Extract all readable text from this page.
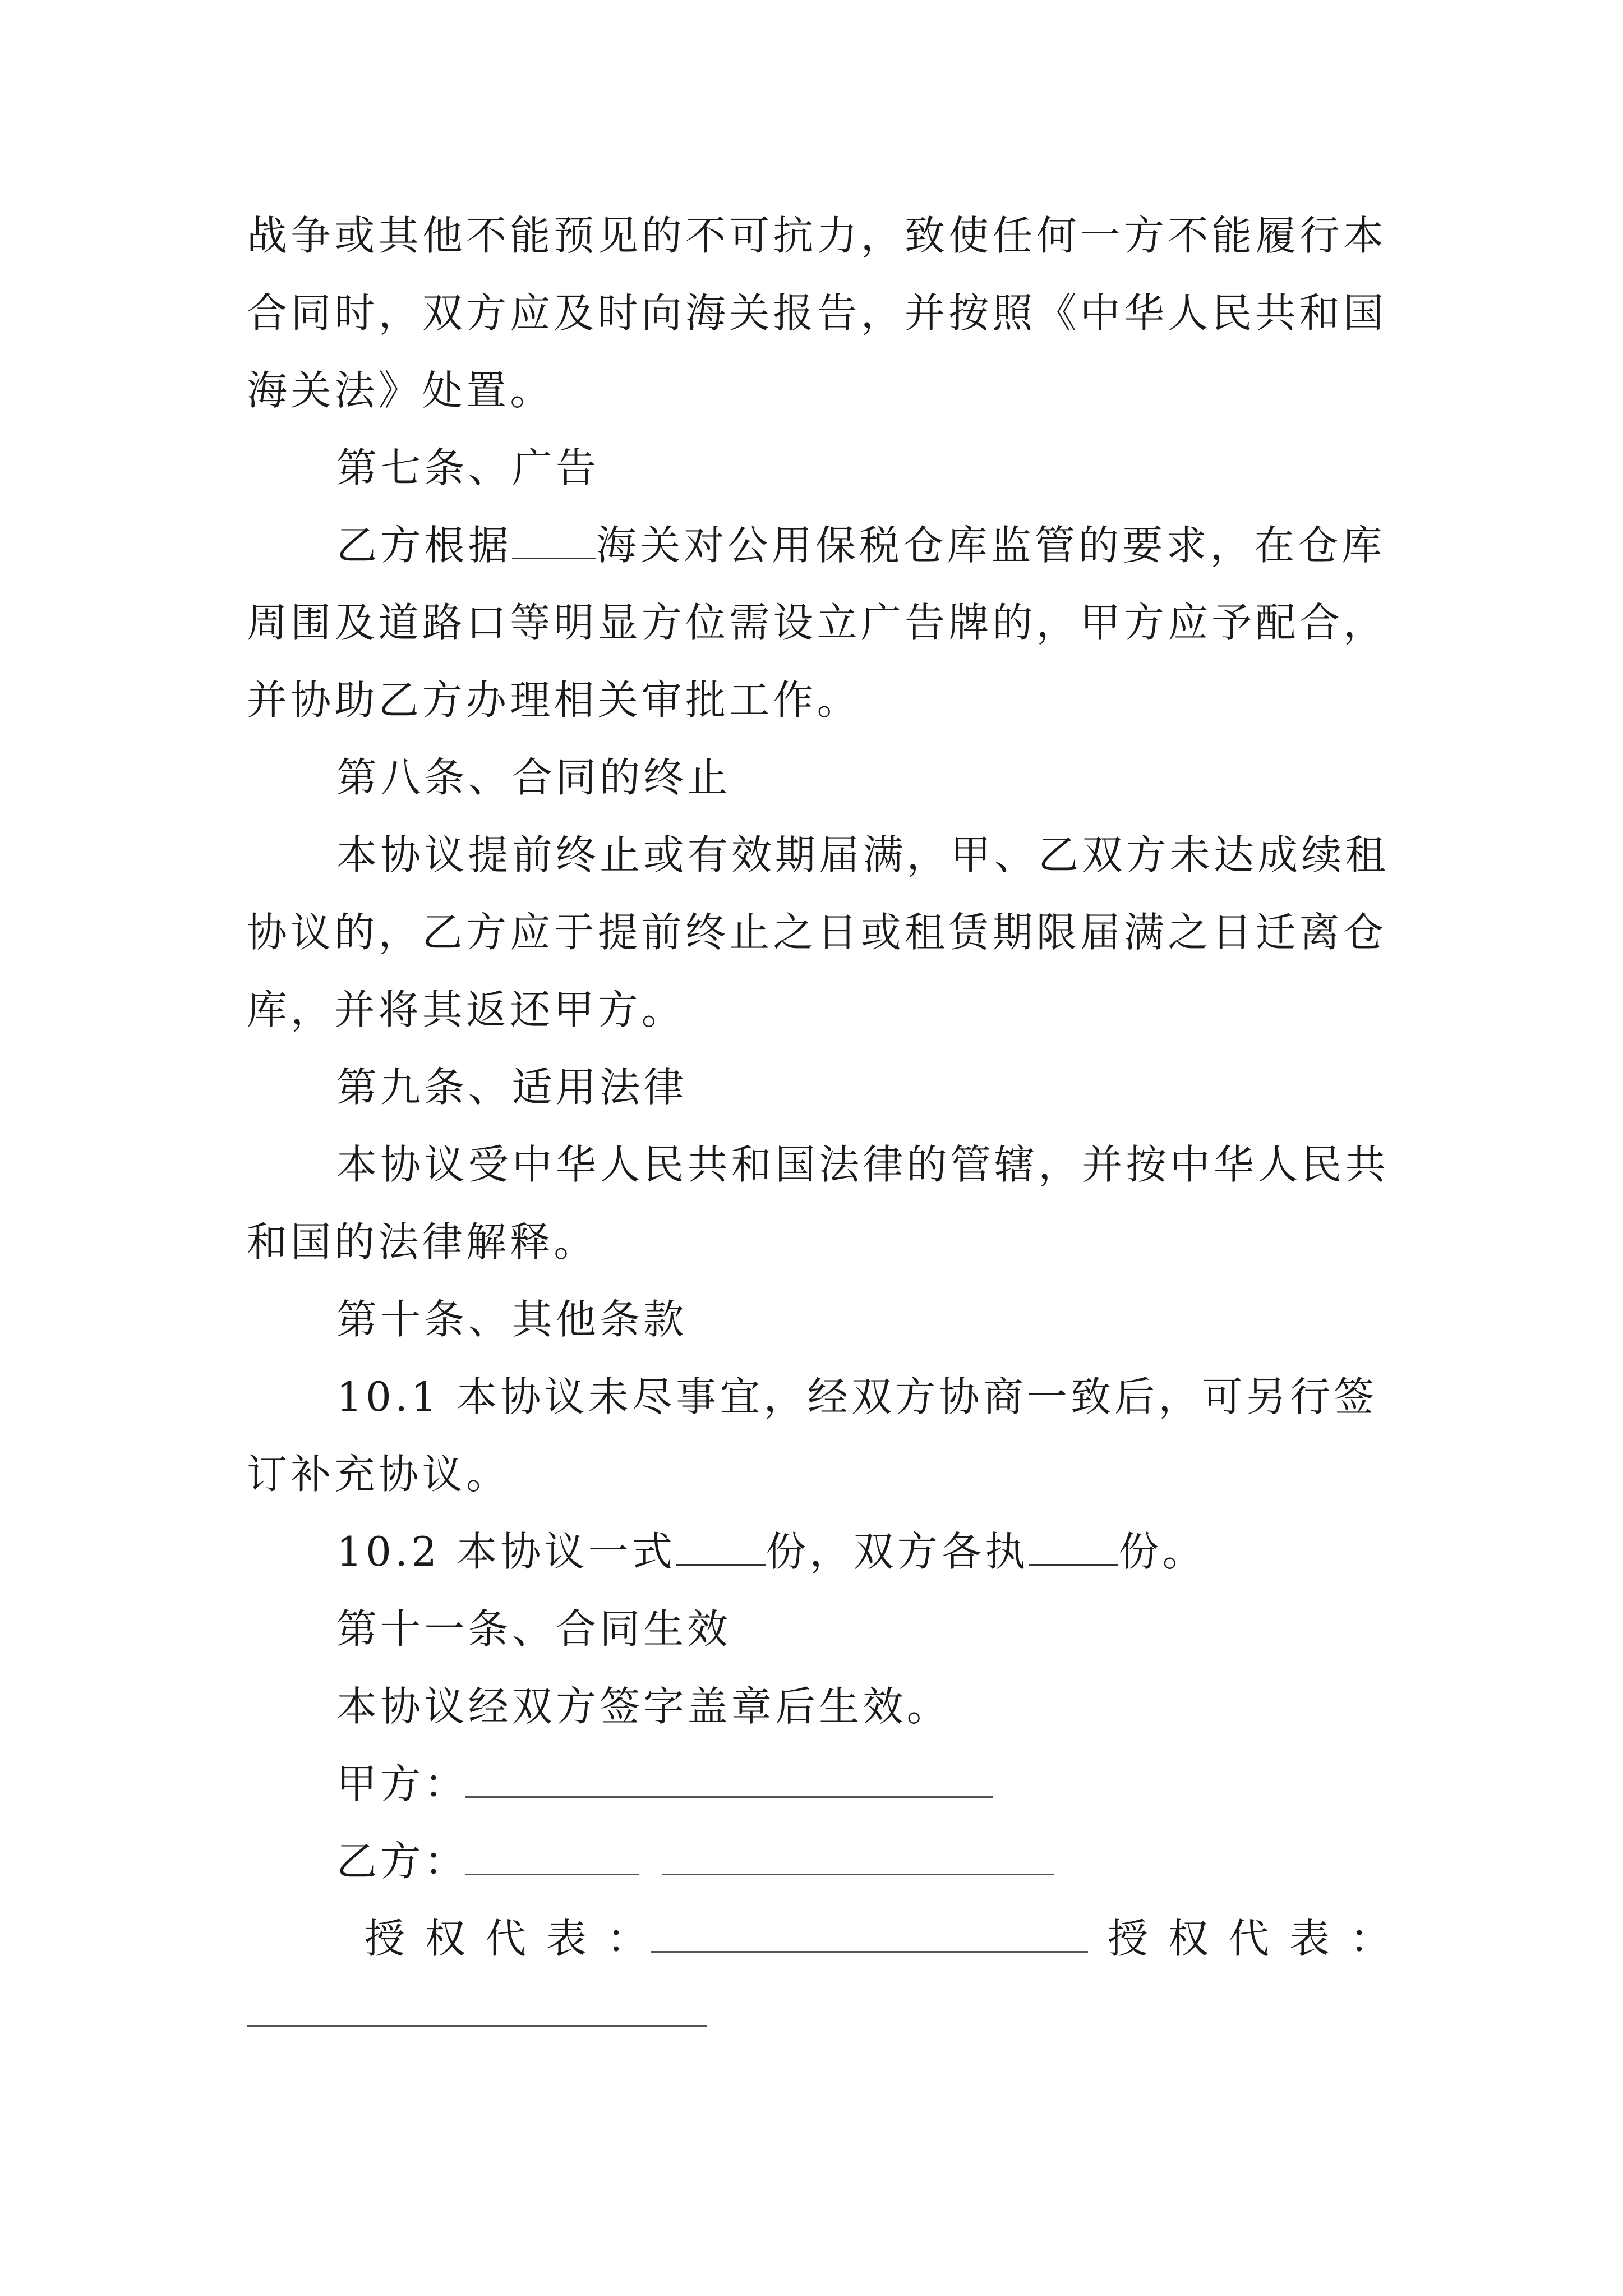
战争或其他不能预见的不可抗力，致使任何一方不能履行本
合同时，双方应及时向海关报告，并按照《中华人民共和国
海关法》处置。
第七条、广告
乙方根据 海关对公用保税仓库监管的要求，在仓库
周围及道路口等明显方位需设立广告牌的，甲方应予配合，
并协助乙方办理相关审批工作。
第八条、合同的终止
本协议提前终止或有效期届满，甲、乙双方未达成续租
协议的，乙方应于提前终止之日或租赁期限届满之日迁离仓
库，并将其返还甲方。
第九条、适用法律
本协议受中华人民共和国法律的管辖，并按中华人民共
和国的法律解释。
第十条、其他条款
10.1 本协议未尽事宜，经双方协商一致后，可另行签
订补充协议。
10.2 本协议一式 份，双方各执 份。
第十一条、合同生效
本协议经双方签字盖章后生效。
甲方：
乙方：
授权代表：	授权代表：
